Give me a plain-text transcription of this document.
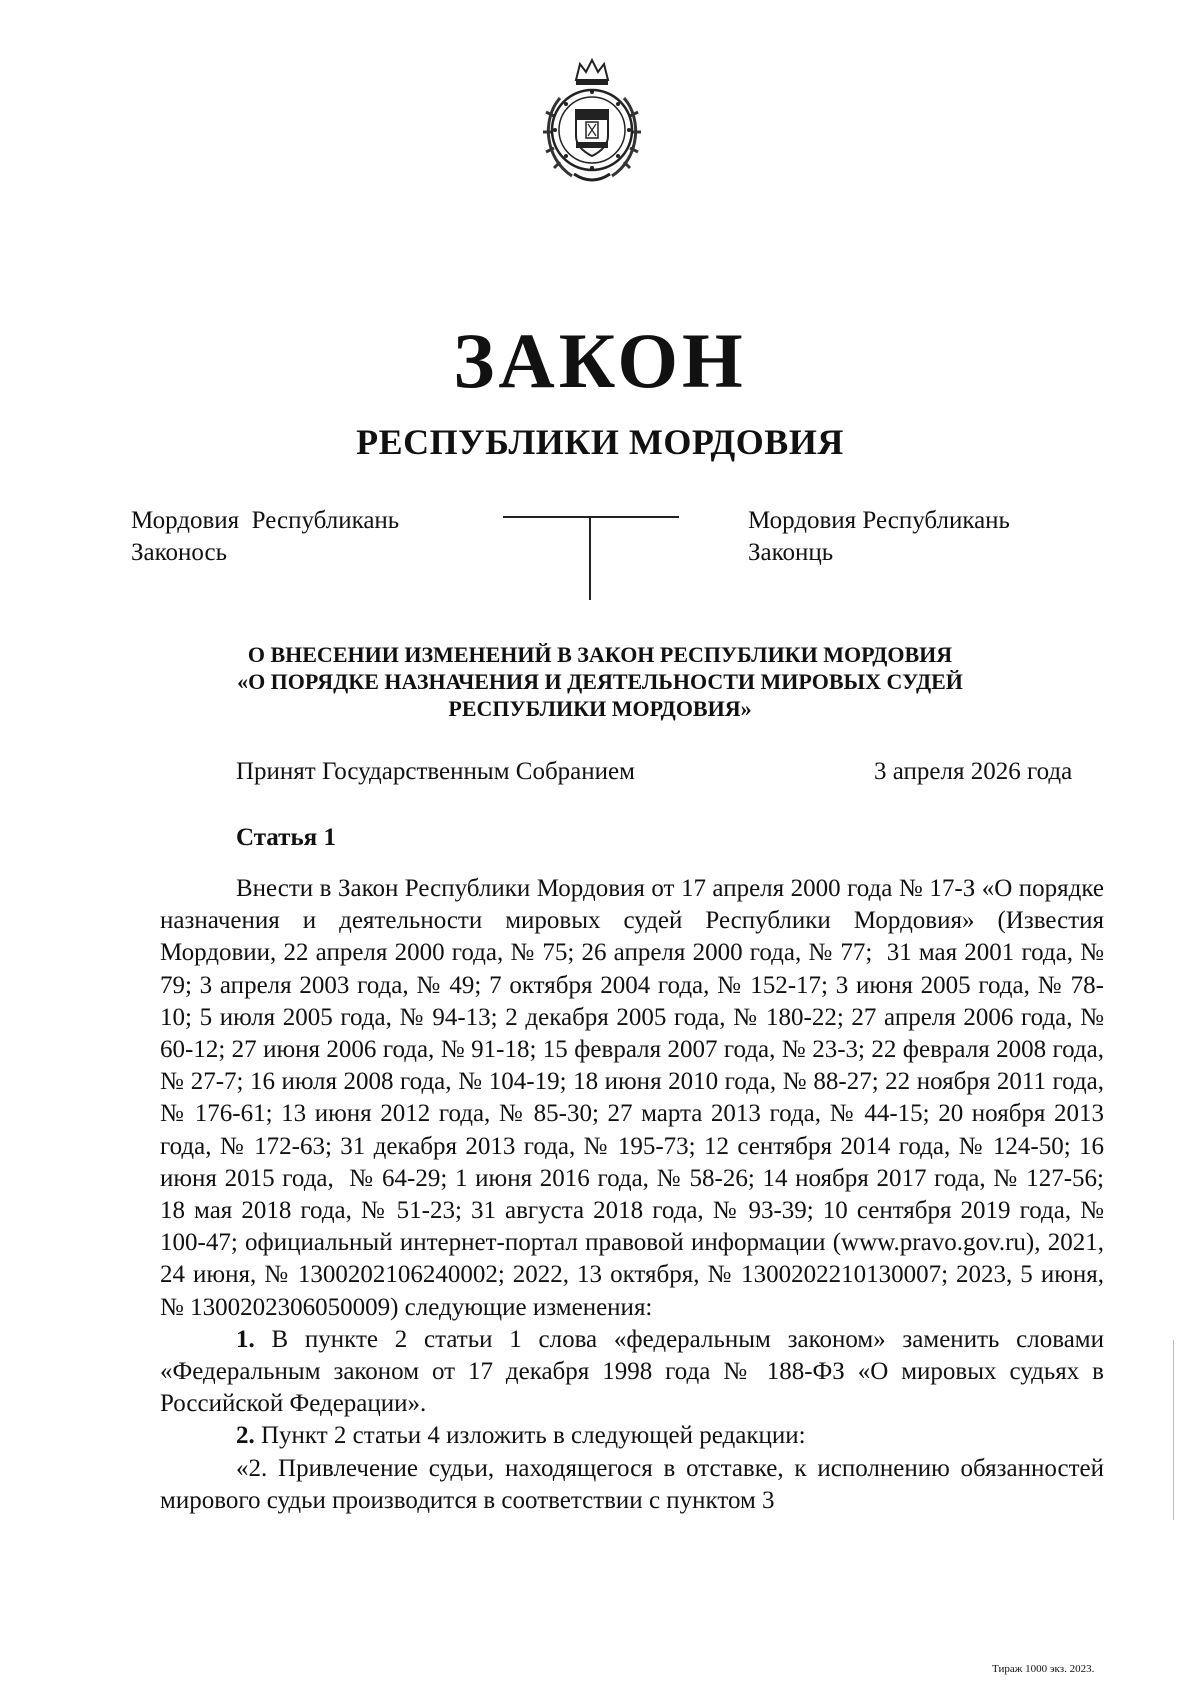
ЗАКОН
РЕСПУБЛИКИ МОРДОВИЯ
Мордовия  Республикань
Законось
Мордовия Республикань
Законць
О ВНЕСЕНИИ ИЗМЕНЕНИЙ В ЗАКОН РЕСПУБЛИКИ МОРДОВИЯ
«О ПОРЯДКЕ НАЗНАЧЕНИЯ И ДЕЯТЕЛЬНОСТИ МИРОВЫХ СУДЕЙ
РЕСПУБЛИКИ МОРДОВИЯ»
Принят Государственным Собранием	3 апреля 2026 года
Статья 1

Внести в Закон Республики Мордовия от 17 апреля 2000 года № 17-З «О порядке назначения и деятельности мировых судей Республики Мордовия» (Известия Мордовии, 22 апреля 2000 года, № 75; 26 апреля 2000 года, № 77;  31 мая 2001 года, № 79; 3 апреля 2003 года, № 49; 7 октября 2004 года, № 152-17; 3 июня 2005 года, № 78-10; 5 июля 2005 года, № 94-13; 2 декабря 2005 года, № 180-22; 27 апреля 2006 года, № 60-12; 27 июня 2006 года, № 91-18; 15 февраля 2007 года, № 23-3; 22 февраля 2008 года, № 27-7; 16 июля 2008 года, № 104-19; 18 июня 2010 года, № 88-27; 22 ноября 2011 года, № 176-61; 13 июня 2012 года, № 85-30; 27 марта 2013 года, № 44-15; 20 ноября 2013 года, № 172-63; 31 декабря 2013 года, № 195-73; 12 сентября 2014 года, № 124-50; 16 июня 2015 года,  № 64-29; 1 июня 2016 года, № 58-26; 14 ноября 2017 года, № 127-56; 18 мая 2018 года, № 51-23; 31 августа 2018 года, № 93-39; 10 сентября 2019 года, № 100-47; официальный интернет-портал правовой информации (www.pravo.gov.ru), 2021, 24 июня, № 1300202106240002; 2022, 13 октября, № 1300202210130007; 2023, 5 июня, № 1300202306050009) следующие изменения:

1. В пункте 2 статьи 1 слова «федеральным законом» заменить словами «Федеральным законом от 17 декабря 1998 года № 188-ФЗ «О мировых судьях в Российской Федерации».

2. Пункт 2 статьи 4 изложить в следующей редакции:

«2. Привлечение судьи, находящегося в отставке, к исполнению обязанностей мирового судьи производится в соответствии с пунктом 3

Тираж 1000 экз. 2023.
